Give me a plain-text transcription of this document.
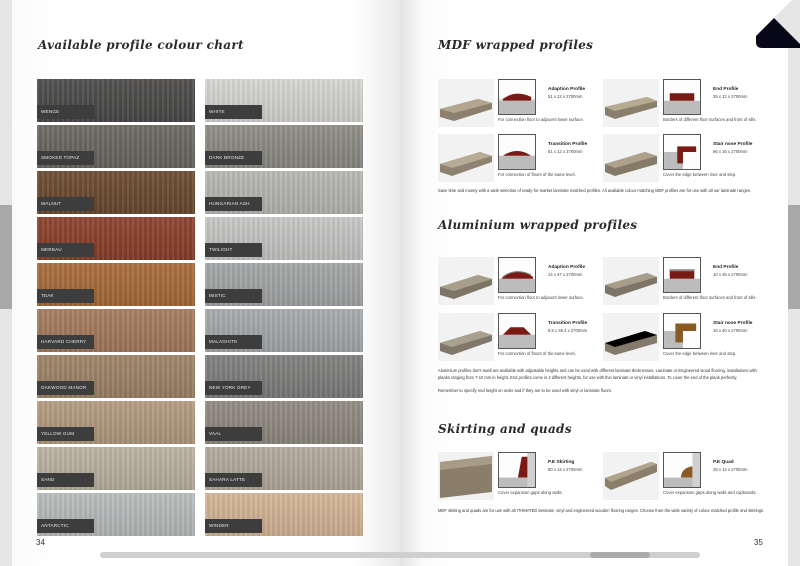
Available profile colour chart
WENGE	WHITE
SMOKED TOPAZ	DARK BRONZE
WALNUT	HUNGARIAN ASH
MERBAU	TWILIGHT
TEAK	MISTIC
HARVARD CHERRY	MALAGHITE
OAKWOOD MANOR	NEW YORK GREY
YELLOW GUM	VAAL
SAND	SAHARA LATTE
ANTARCTIC	WINDER
34
MDF wrapped profiles
Adaption Profile
51 x 12 x 2700mm
For connection floor to adjacent lower surface.
End Profile
35 x 12 x 2700mm
Borders of different floor surfaces and front of sills.
Transition Profile
51 x 12 x 2700mm
For connection of floors of the same level.
Stair nose Profile
66 x 16 x 2700mm
Cover the edge between riser and step.

Save time and money with a wide selection of ready-for-market laminate matched profiles. All available colour matching MDF profiles are for use with all our laminate ranges.

Aluminium wrapped profiles
Adaption Profile
14 x 47 x 2700mm
For connection floor to adjacent lower surface.
End Profile
10 x 25 x 2700mm
Borders of different floor surfaces and front of sills.
Transition Profile
8.5 x 35.4 x 2700mm
For connection of floors of the same level.
Stair nose Profile
16 x 40 x 2700mm
Cover the edge between riser and step.

Aluminium profiles don't swell are available with adjustable heights and can be used with different laminate thicknesses. Laminate or Engineered wood flooring, installations with planks ranging from 7-10 mm in height. End profiles come in 2 different heights, for use with thin laminate or vinyl installations. To cover the end of the plank perfectly.

Remember to specify end height on order and if they are to be used with vinyl or laminate floors.

Skirting and quads
P.E Skirting
80 x 14 x 2700mm
Cover expansion gaps along walls.
P.E Quad
28 x 12 x 2700mm
Cover expansion gaps along walls and cupboards.

MDF skirting and quads are for use with all ITHMATED laminate, vinyl and engineered wooden flooring ranges. Choose from the wide variety of colour matched profile and skirtings.

35
